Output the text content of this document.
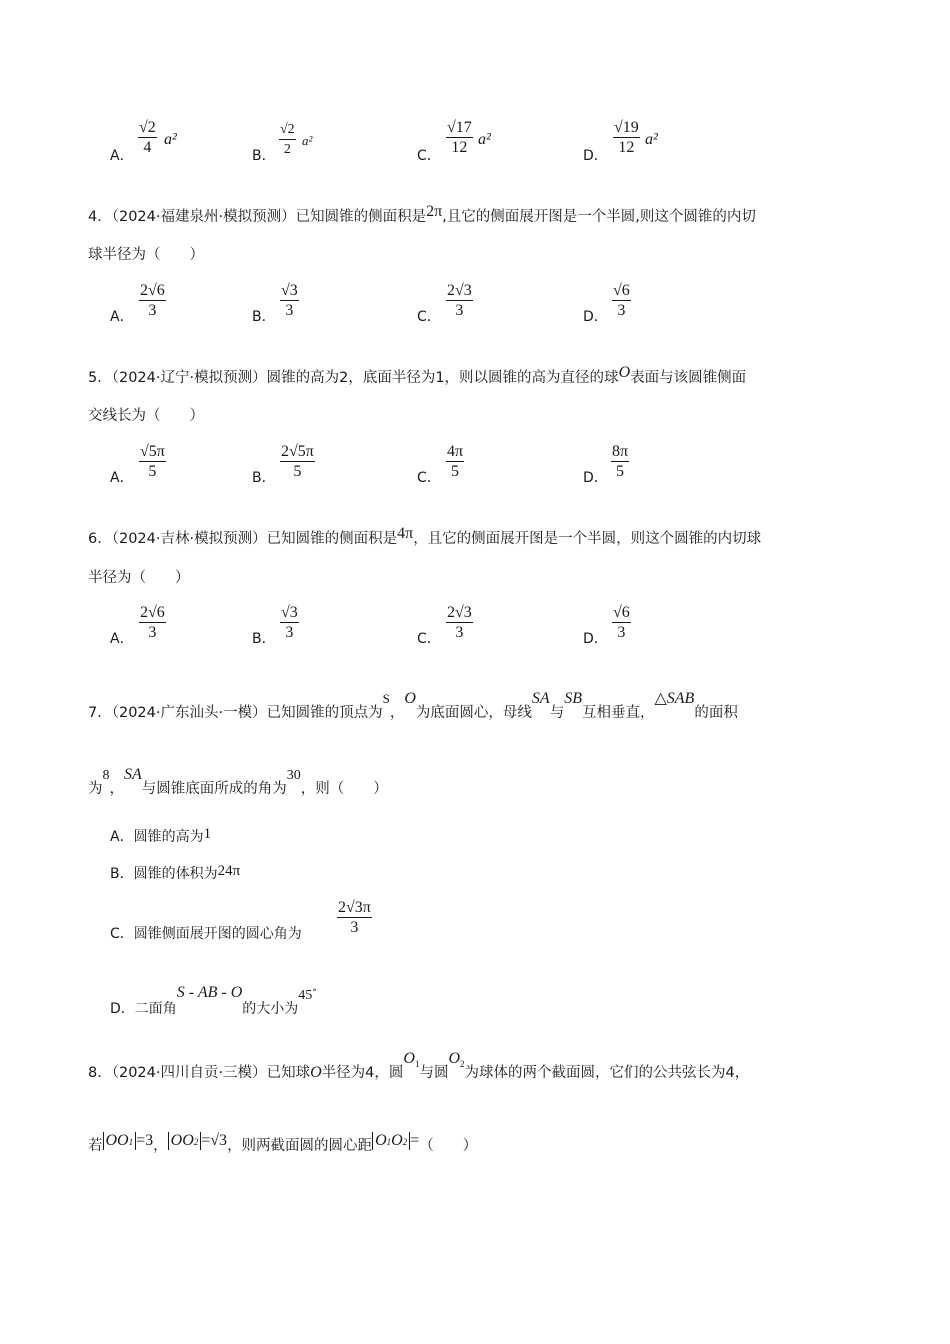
A． $\frac{√2}{4} a^2$
B． $\frac{√2}{2} a^2$
C． $\frac{√17}{12} a^2$
D． $\frac{√19}{12} a^2$
4．（2024·福建泉州·模拟预测）已知圆锥的侧面积是2π,且它的侧面展开图是一个半圆,则这个圆锥的内切
球半径为（　　）
A． $\frac{2√6}{3}$	B． $\frac{√3}{3}$	C． $\frac{2√3}{3}$	D． $\frac{√6}{3}$
5．（2024·辽宁·模拟预测）圆锥的高为2，底面半径为1，则以圆锥的高为直径的球O表面与该圆锥侧面
交线长为（　　）
A． $\frac{√5\pi}{5}$	B． $\frac{2√5\pi}{5}$	C． $\frac{4\pi}{5}$	D． $\frac{8\pi}{5}$
6．（2024·吉林·模拟预测）已知圆锥的侧面积是4π，且它的侧面展开图是一个半圆，则这个圆锥的内切球
半径为（　　）
A． $\frac{2√6}{3}$	B． $\frac{√3}{3}$	C． $\frac{2√3}{3}$	D． $\frac{√6}{3}$
7．（2024·广东汕头·一模）已知圆锥的顶点为S，O为底面圆心，母线SA与SB互相垂直，△SAB的面积
为8，SA与圆锥底面所成的角为30，则（　　）
A．圆锥的高为1
B．圆锥的体积为24π
C．圆锥侧面展开图的圆心角为 $\frac{2√3\pi}{3}$
D．二面角S - AB - O的大小为45°
8．（2024·四川自贡·三模）已知球O半径为4，圆$O_1$与圆$O_2$为球体的两个截面圆，它们的公共弦长为4，
若 OO1 =3， OO2 =√3，则两截面圆的圆心距 O1O2 =（　　）
